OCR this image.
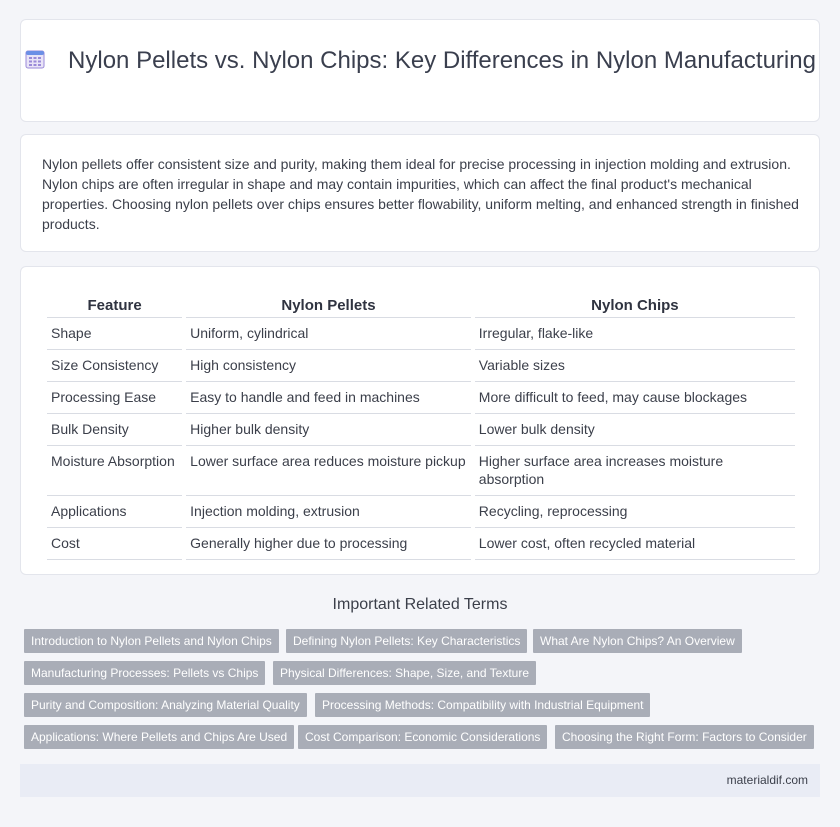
Nylon Pellets vs. Nylon Chips: Key Differences in Nylon Manufacturing

Nylon pellets offer consistent size and purity, making them ideal for precise processing in injection molding and extrusion. Nylon chips are often irregular in shape and may contain impurities, which can affect the final product's mechanical properties. Choosing nylon pellets over chips ensures better flowability, uniform melting, and enhanced strength in finished products.

Feature	Nylon Pellets	Nylon Chips
Shape	Uniform, cylindrical	Irregular, flake-like
Size Consistency	High consistency	Variable sizes
Processing Ease	Easy to handle and feed in machines	More difficult to feed, may cause blockages
Bulk Density	Higher bulk density	Lower bulk density
Moisture Absorption	Lower surface area reduces moisture pickup	Higher surface area increases moisture absorption
Applications	Injection molding, extrusion	Recycling, reprocessing
Cost	Generally higher due to processing	Lower cost, often recycled material
Important Related Terms
Introduction to Nylon Pellets and Nylon Chips	Defining Nylon Pellets: Key Characteristics	What Are Nylon Chips? An Overview
Manufacturing Processes: Pellets vs Chips	Physical Differences: Shape, Size, and Texture
Purity and Composition: Analyzing Material Quality	Processing Methods: Compatibility with Industrial Equipment
Applications: Where Pellets and Chips Are Used	Cost Comparison: Economic Considerations	Choosing the Right Form: Factors to Consider
materialdif.com
